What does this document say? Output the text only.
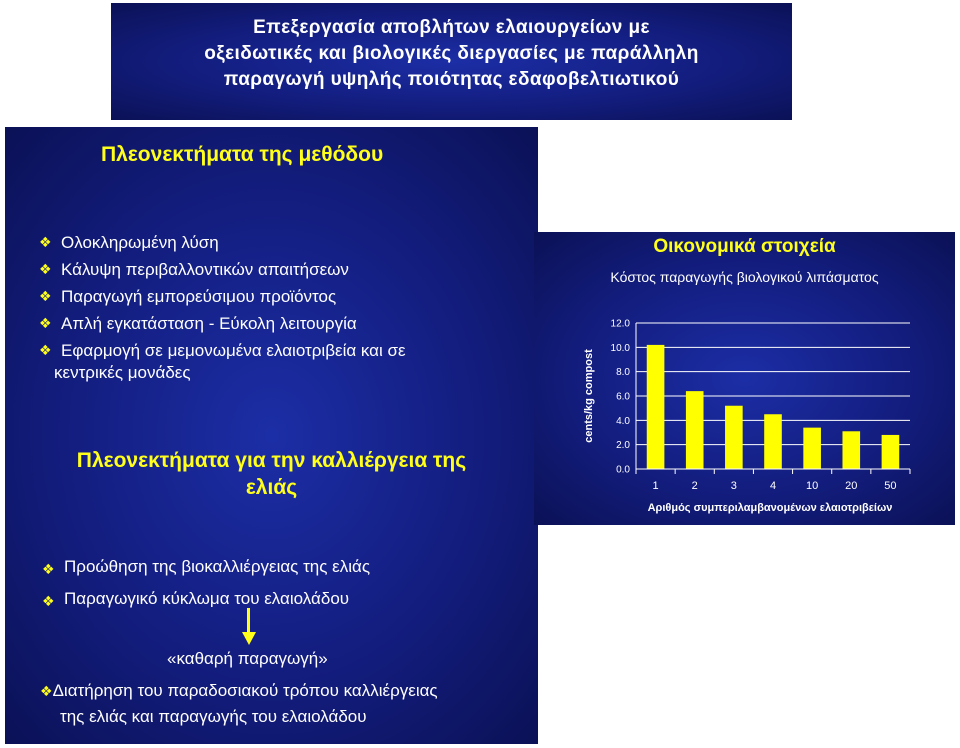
Επεξεργασία αποβλήτων ελαιουργείων με
οξειδωτικές και βιολογικές διεργασίες με παράλληλη
παραγωγή υψηλής ποιότητας εδαφοβελτιωτικού
Πλεονεκτήματα της μεθόδου
❖ Ολοκληρωμένη λύση
❖ Κάλυψη περιβαλλοντικών απαιτήσεων
❖ Παραγωγή εμπορεύσιμου προϊόντος
❖ Απλή εγκατάσταση - Εύκολη λειτουργία
❖ Εφαρμογή σε μεμονωμένα ελαιοτριβεία και σε
κεντρικές μονάδες
Πλεονεκτήματα για την καλλιέργεια της
ελιάς
❖ Προώθηση της βιοκαλλιέργειας της ελιάς
❖ Παραγωγικό κύκλωμα του ελαιολάδου
«καθαρή παραγωγή»
❖Διατήρηση του παραδοσιακού τρόπου καλλιέργειας
της ελιάς και παραγωγής του ελαιολάδου
Οικονομικά στοιχεία
Κόστος παραγωγής βιολογικού λιπάσματος
0.0
2.0
4.0
6.0
8.0
10.0
12.0
1	2	3	4	10 20 50
Αριθμός συμπεριλαμβανομένων ελαιοτριβείων
cents/kg compost
